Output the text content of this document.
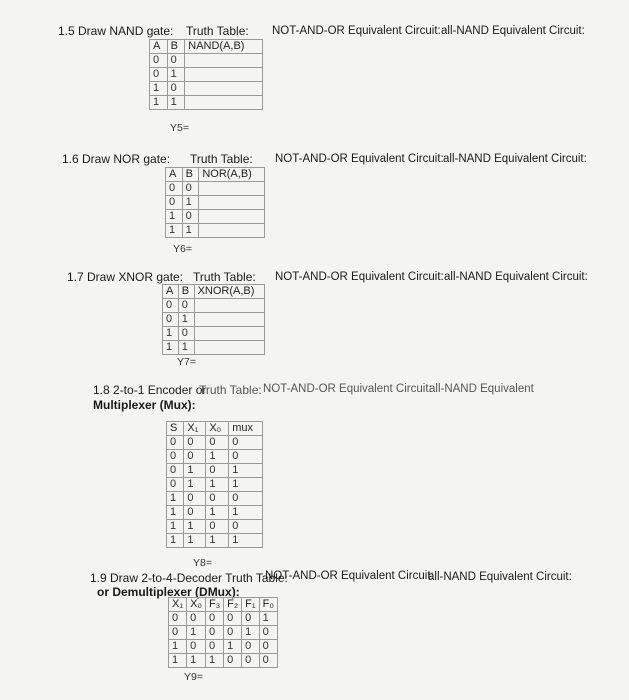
1.5 Draw NAND gate: Truth Table: NOT-AND-OR Equivalent Circuit: all-NAND Equivalent Circuit:
A	B	NAND(A,B)
0	0	
0	1	
1	0	
1	1	
Y5=
1.6 Draw NOR gate: Truth Table: NOT-AND-OR Equivalent Circuit: all-NAND Equivalent Circuit:
A	B	NOR(A,B)
0	0	
0	1	
1	0	
1	1	
Y6=
1.7 Draw XNOR gate: Truth Table: NOT-AND-OR Equivalent Circuit: all-NAND Equivalent Circuit:
A	B	XNOR(A,B)
0	0	
0	1	
1	0	
1	1	
Y7=
1.8 2-to-1 Encoder or
Multiplexer (Mux):
Truth Table: NOT-AND-OR Equivalent Circuit:
all-NAND Equivalent
S	X₁	X₀	mux
0	0	0	0
0	0	1	0
0	1	0	1
0	1	1	1
1	0	0	0
1	0	1	1
1	1	0	0
1	1	1	1
Y8=
1.9 Draw 2-to-4-Decoder Truth Table:
or Demultiplexer (DMux):
NOT-AND-OR Equivalent Circuit:
all-NAND Equivalent Circuit:
X₁	X₀	F₃	F₂	F₁	F₀
0	0	0	0	0	1
0	1	0	0	1	0
1	0	0	1	0	0
1	1	1	0	0	0
Y9=
